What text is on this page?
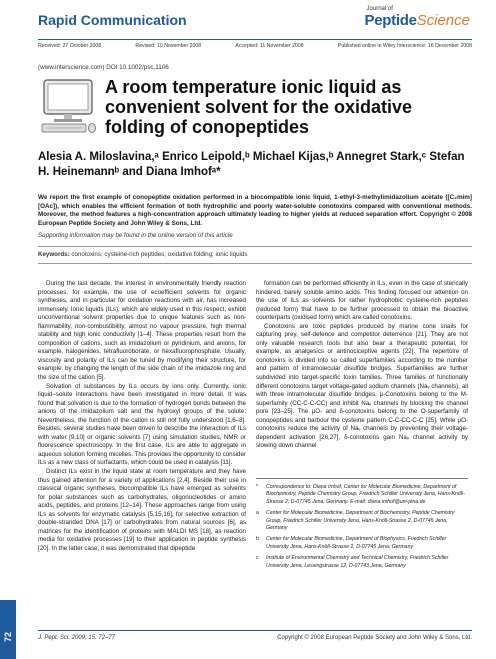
Rapid Communication
Journal of
PeptideScience
Received: 27 October 2008	Revised: 10 November 2008	Accepted: 11 November 2008	Published online in Wiley Interscience: 16 December 2008
(www.interscience.com) DOI 10.1002/psc.1106
A room temperature ionic liquid as convenient solvent for the oxidative folding of conopeptides
Alesia A. Miloslavina,ᵃ Enrico Leipold,ᵇ Michael Kijas,ᵇ Annegret Stark,ᶜ Stefan H. Heinemannᵇ and Diana Imhofᵃ*
We report the first example of conopeptide oxidation performed in a biocompatible ionic liquid, 1-ethyl-3-methylimidazolium acetate ([C₂mim][OAc]), which enables the efficient formation of both hydrophilic and poorly water-soluble conotoxins compared with conventional methods. Moreover, the method features a high-concentration approach ultimately leading to higher yields at reduced separation effort. Copyright © 2008 European Peptide Society and John Wiley & Sons, Ltd.
Supporting information may be found in the online version of this article
Keywords: conotoxins; cysteine-rich peptides; oxidative folding; ionic liquids

During the last decade, the interest in environmentally friendly reaction processes, for example, the use of ecoefficient solvents for organic syntheses, and in particular for oxidation reactions with air, has increased immensely. Ionic liquids (ILs), which are widely used in this respect, exhibit unconventional solvent properties due to unique features such as non-flammability, non-combustibility, almost no vapour pressure, high thermal stability and high ionic conductivity [1–4]. These properties result from the composition of cations, such as imidazolium or pyridinium, and anions, for example, halogenides, tetrafluoroborate, or hexafluorophosphate. Usually, viscosity and polarity of ILs can be tuned by modifying their structure, for example, by changing the length of the side chain of the imidazole ring and the size of the cation [5].

Solvation of substances by ILs occurs by ions only. Currently, ionic liquid–solute interactions have been investigated in more detail. It was found that solvation is due to the formation of hydrogen bonds between the anions of the imidazolium salt and the hydroxyl groups of the solute. Nevertheless, the function of the cation is still not fully understood [1,6–8]. Besides, several studies have been driven to describe the interaction of ILs with water [9,10] or organic solvents [7] using simulation studies, NMR or fluorescence spectroscopy. In the first case, ILs are able to aggregate in aqueous solution forming micelles. This provides the opportunity to consider ILs as a new class of surfactants, which could be used in catalysis [11].

Distinct ILs exist in the liquid state at room temperature and they have thus gained attention for a variety of applications [2,4]. Beside their use in classical organic syntheses, biocompatible ILs have emerged as solvents for polar substances such as carbohydrates, oligonucleotides or amino acids, peptides, and proteins [12–14]. These approaches range from using ILs as solvents for enzymatic catalysis [5,15,16], for selective extraction of double-stranded DNA [17] or carbohydrates from natural sources [6], as matrices for the identification of proteins with MALDI MS [18], as reaction media for oxidative processes [19] to their application in peptide synthesis [20]. In the latter case, it was demonstrated that dipeptide

formation can be performed efficiently in ILs, even in the case of sterically hindered, barely soluble amino acids. This finding focused our attention on the use of ILs as solvents for rather hydrophobic cysteine-rich peptides (reduced form) that have to be further processed to obtain the bioactive counterparts (oxidised form) which are called conotoxins.

Conotoxins are toxic peptides produced by marine cone snails for capturing prey, self-defence and competitor deterrence [21]. They are not only valuable research tools but also bear a therapeutic potential, for example, as analgesics or antinociceptive agents [22]. The repertoire of conotoxins is divided into so called superfamilies according to the number and pattern of intramolecular disulfide bridges. Superfamilies are further subdivided into target-specific toxin families. Three families of functionally different conotoxins target voltage-gated sodium channels (Naᵥ channels), all with three intramolecular disulfide bridges. μ-Conotoxins belong to the M-superfamily (CC-C-C-CC) and inhibit Naᵥ channels by blocking the channel pore [23–25]. The μO- and δ-conotoxins belong to the O-superfamily of conopeptides and harbour the cysteine pattern C-C-CC-C-C [25]. While μO-conotoxins reduce the activity of Naᵥ channels by preventing their voltage-dependent activation [26,27], δ-conotoxins gain Naᵥ channel activity by slowing down channel

*	Correspondence to: Diana Imhof, Center for Molecular Biomedicine, Department of Biochemistry, Peptide Chemistry Group, Friedrich Schiller University Jena, Hans-Knöll-Strasse 2, D-07745 Jena, Germany. E-mail: diana.imhof@uni-jena.de
a	Center for Molecular Biomedicine, Department of Biochemistry, Peptide Chemistry Group, Friedrich Schiller University Jena, Hans-Knöll-Strasse 2, D-07745 Jena, Germany
b	Center for Molecular Biomedicine, Department of Biophysics, Friedrich Schiller University Jena, Hans-Knöll-Strasse 2, D-07745 Jena, Germany
c	Institute of Environmental Chemistry and Technical Chemistry, Friedrich Schiller University Jena, Lessingstrasse 12, D-07743 Jena, Germany
72	J. Pept. Sci. 2009; 15: 72–77	Copyright © 2008 European Peptide Society and John Wiley & Sons, Ltd.
